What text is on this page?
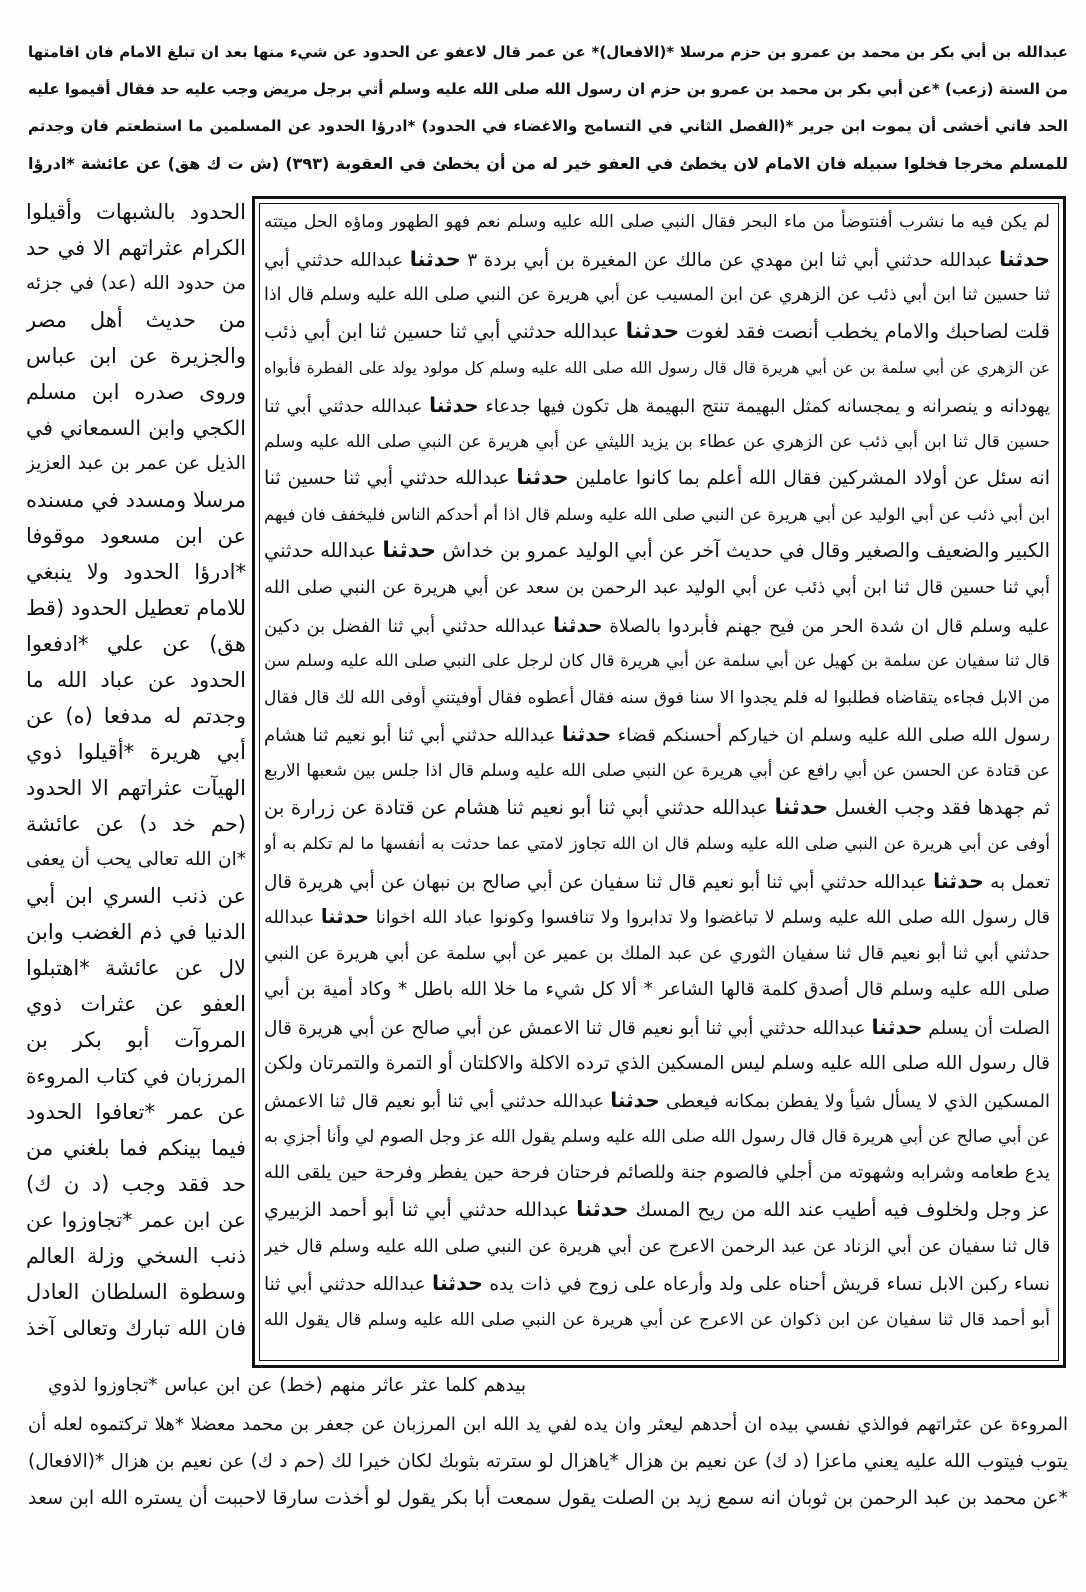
عبدالله بن أبي بكر بن محمد بن عمرو بن حزم مرسلا *(الافعال)* عن عمر قال لاعفو عن الحدود عن شيء منها بعد ان تبلغ الامام فان اقامتها
من السنة (زعب) *عن أبي بكر بن محمد بن عمرو بن حزم ان رسول الله صلى الله عليه وسلم أتي برجل مريض وجب عليه حد فقال أقيموا عليه
الحد فاني أخشى أن يموت ابن جرير *(الفصل الثاني في التسامح والاغضاء في الحدود) *ادرؤا الحدود عن المسلمين ما استطعتم فان وجدتم
للمسلم مخرجا فخلوا سبيله فان الامام لان يخطئ في العفو خير له من أن يخطئ في العقوبة (٣٩٣) (ش ت ك هق) عن عائشة *ادرؤا
لم يكن فيه ما نشرب أفنتوضأ من ماء البحر فقال النبي صلى الله عليه وسلم نعم فهو الطهور وماؤه الحل ميتته
حدثنا عبدالله حدثني أبي ثنا ابن مهدي عن مالك عن المغيرة بن أبي بردة ٣ حدثنا عبدالله حدثني أبي
ثنا حسين ثنا ابن أبي ذئب عن الزهري عن ابن المسيب عن أبي هريرة عن النبي صلى الله عليه وسلم قال اذا
قلت لصاحبك والامام يخطب أنصت فقد لغوت حدثنا عبدالله حدثني أبي ثنا حسين ثنا ابن أبي ذئب
عن الزهري عن أبي سلمة بن عن أبي هريرة قال قال رسول الله صلى الله عليه وسلم كل مولود يولد على الفطرة فأبواه
يهودانه و ينصرانه و يمجسانه كمثل البهيمة تنتج البهيمة هل تكون فيها جدعاء حدثنا عبدالله حدثني أبي ثنا
حسين قال ثنا ابن أبي ذئب عن الزهري عن عطاء بن يزيد الليثي عن أبي هريرة عن النبي صلى الله عليه وسلم
انه سئل عن أولاد المشركين فقال الله أعلم بما كانوا عاملين حدثنا عبدالله حدثني أبي ثنا حسين ثنا
ابن أبي ذئب عن أبي الوليد عن أبي هريرة عن النبي صلى الله عليه وسلم قال اذا أم أحدكم الناس فليخفف فان فيهم
الكبير والضعيف والصغير وقال في حديث آخر عن أبي الوليد عمرو بن خداش حدثنا عبدالله حدثني
أبي ثنا حسين قال ثنا ابن أبي ذئب عن أبي الوليد عبد الرحمن بن سعد عن أبي هريرة عن النبي صلى الله
عليه وسلم قال ان شدة الحر من فيح جهنم فأبردوا بالصلاة حدثنا عبدالله حدثني أبي ثنا الفضل بن دكين
قال ثنا سفيان عن سلمة بن كهيل عن أبي سلمة عن أبي هريرة قال كان لرجل على النبي صلى الله عليه وسلم سن
من الابل فجاءه يتقاضاه فطلبوا له فلم يجدوا الا سنا فوق سنه فقال أعطوه فقال أوفيتني أوفى الله لك قال فقال
رسول الله صلى الله عليه وسلم ان خياركم أحسنكم قضاء حدثنا عبدالله حدثني أبي ثنا أبو نعيم ثنا هشام
عن قتادة عن الحسن عن أبي رافع عن أبي هريرة عن النبي صلى الله عليه وسلم قال اذا جلس بين شعبها الاربع
ثم جهدها فقد وجب الغسل حدثنا عبدالله حدثني أبي ثنا أبو نعيم ثنا هشام عن قتادة عن زرارة بن
أوفى عن أبي هريرة عن النبي صلى الله عليه وسلم قال ان الله تجاوز لامتي عما حدثت به أنفسها ما لم تكلم به أو
تعمل به حدثنا عبدالله حدثني أبي ثنا أبو نعيم قال ثنا سفيان عن أبي صالح بن نبهان عن أبي هريرة قال
قال رسول الله صلى الله عليه وسلم لا تباغضوا ولا تدابروا ولا تنافسوا وكونوا عباد الله اخوانا حدثنا عبدالله
حدثني أبي ثنا أبو نعيم قال ثنا سفيان الثوري عن عبد الملك بن عمير عن أبي سلمة عن أبي هريرة عن النبي
صلى الله عليه وسلم قال أصدق كلمة قالها الشاعر * ألا كل شيء ما خلا الله باطل * وكاد أمية بن أبي
الصلت أن يسلم حدثنا عبدالله حدثني أبي ثنا أبو نعيم قال ثنا الاعمش عن أبي صالح عن أبي هريرة قال
قال رسول الله صلى الله عليه وسلم ليس المسكين الذي ترده الاكلة والاكلتان أو التمرة والتمرتان ولكن
المسكين الذي لا يسأل شيأ ولا يفطن بمكانه فيعطى حدثنا عبدالله حدثني أبي ثنا أبو نعيم قال ثنا الاعمش
عن أبي صالح عن أبي هريرة قال قال رسول الله صلى الله عليه وسلم يقول الله عز وجل الصوم لي وأنا أجزي به
يدع طعامه وشرابه وشهوته من أجلي فالصوم جنة وللصائم فرحتان فرحة حين يفطر وفرحة حين يلقى الله
عز وجل ولخلوف فيه أطيب عند الله من ريح المسك حدثنا عبدالله حدثني أبي ثنا أبو أحمد الزبيري
قال ثنا سفيان عن أبي الزناد عن عبد الرحمن الاعرج عن أبي هريرة عن النبي صلى الله عليه وسلم قال خير
نساء ركبن الابل نساء قريش أحناه على ولد وأرعاه على زوج في ذات يده حدثنا عبدالله حدثني أبي ثنا
أبو أحمد قال ثنا سفيان عن ابن ذكوان عن الاعرج عن أبي هريرة عن النبي صلى الله عليه وسلم قال يقول الله
الحدود بالشبهات وأقيلوا
الكرام عثراتهم الا في حد
من حدود الله (عد) في جزئه
من حديث أهل مصر
والجزيرة عن ابن عباس
وروى صدره ابن مسلم
الكجي وابن السمعاني في
الذيل عن عمر بن عبد العزيز
مرسلا ومسدد في مسنده
عن ابن مسعود موقوفا
*ادرؤا الحدود ولا ينبغي
للامام تعطيل الحدود (قط
هق) عن علي *ادفعوا
الحدود عن عباد الله ما
وجدتم له مدفعا (ه) عن
أبي هريرة *أقيلوا ذوي
الهيآت عثراتهم الا الحدود
(حم خد د) عن عائشة
*ان الله تعالى يحب أن يعفى
عن ذنب السري ابن أبي
الدنيا في ذم الغضب وابن
لال عن عائشة *اهتبلوا
العفو عن عثرات ذوي
المروآت أبو بكر بن
المرزبان في كتاب المروءة
عن عمر *تعافوا الحدود
فيما بينكم فما بلغني من
حد فقد وجب (د ن ك)
عن ابن عمر *تجاوزوا عن
ذنب السخي وزلة العالم
وسطوة السلطان العادل
فان الله تبارك وتعالى آخذ
بيدهم كلما عثر عاثر منهم (خط) عن ابن عباس *تجاوزوا لذوي
المروءة عن عثراتهم فوالذي نفسي بيده ان أحدهم ليعثر وان يده لفي يد الله ابن المرزبان عن جعفر بن محمد معضلا *هلا تركتموه لعله أن
يتوب فيتوب الله عليه يعني ماعزا (د ك) عن نعيم بن هزال *ياهزال لو سترته بثوبك لكان خيرا لك (حم د ك) عن نعيم بن هزال *(الافعال)
*عن محمد بن عبد الرحمن بن ثوبان انه سمع زيد بن الصلت يقول سمعت أبا بكر يقول لو أخذت سارقا لاحببت أن يستره الله ابن سعد
